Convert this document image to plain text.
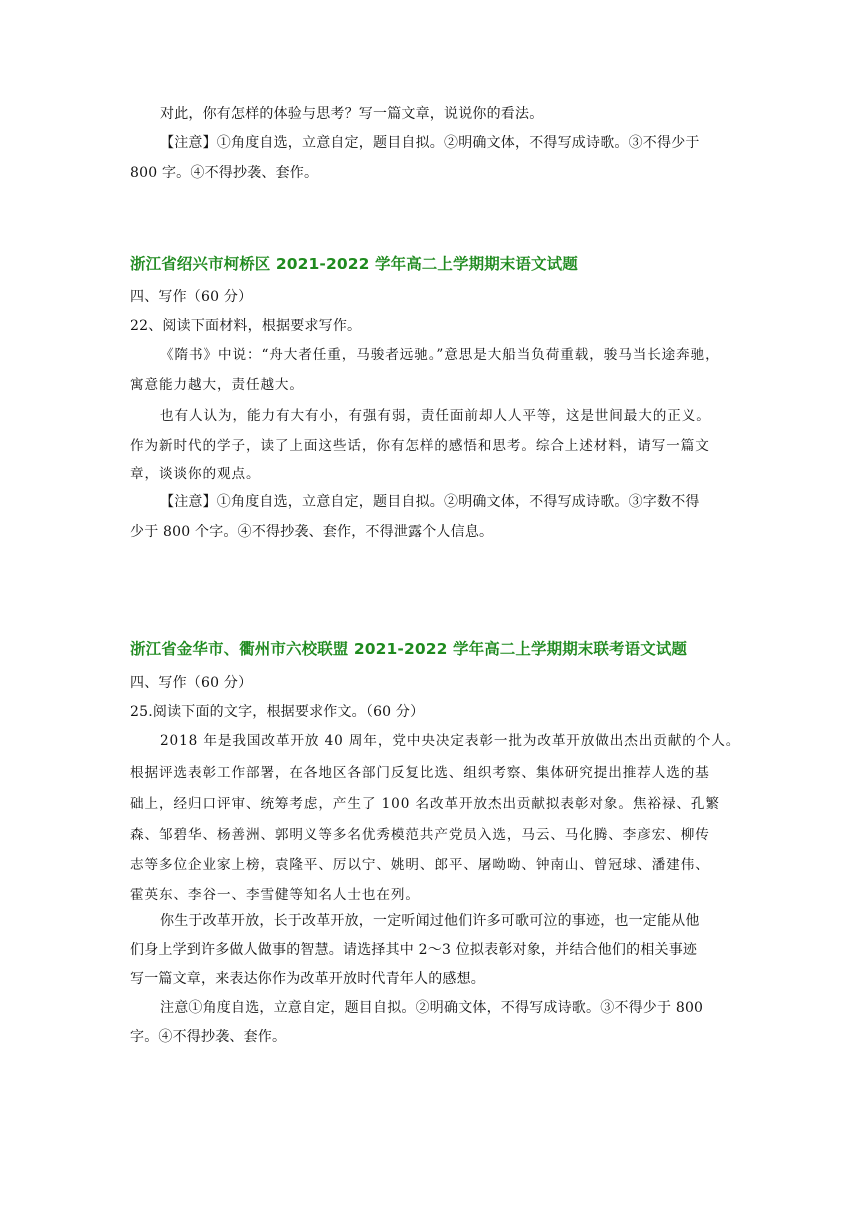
对此，你有怎样的体验与思考？写一篇文章，说说你的看法。
【注意】①角度自选，立意自定，题目自拟。②明确文体，不得写成诗歌。③不得少于
800 字。④不得抄袭、套作。
浙江省绍兴市柯桥区 2021-2022 学年高二上学期期末语文试题
四、写作（60 分）
22、阅读下面材料，根据要求写作。
《隋书》中说：“舟大者任重，马骏者远驰。”意思是大船当负荷重载，骏马当长途奔驰，
寓意能力越大，责任越大。
也有人认为，能力有大有小，有强有弱，责任面前却人人平等，这是世间最大的正义。
作为新时代的学子，读了上面这些话，你有怎样的感悟和思考。综合上述材料，请写一篇文
章，谈谈你的观点。
【注意】①角度自选，立意自定，题目自拟。②明确文体，不得写成诗歌。③字数不得
少于 800 个字。④不得抄袭、套作，不得泄露个人信息。
浙江省金华市、衢州市六校联盟 2021-2022 学年高二上学期期末联考语文试题
四、写作（60 分）
25.阅读下面的文字，根据要求作文。（60 分）
2018 年是我国改革开放 40 周年，党中央决定表彰一批为改革开放做出杰出贡献的个人。
根据评选表彰工作部署，在各地区各部门反复比选、组织考察、集体研究提出推荐人选的基
础上，经归口评审、统筹考虑，产生了 100 名改革开放杰出贡献拟表彰对象。焦裕禄、孔繁
森、邹碧华、杨善洲、郭明义等多名优秀模范共产党员入选，马云、马化腾、李彦宏、柳传
志等多位企业家上榜，袁隆平、厉以宁、姚明、郎平、屠呦呦、钟南山、曾冠球、潘建伟、
霍英东、李谷一、李雪健等知名人士也在列。
你生于改革开放，长于改革开放，一定听闻过他们许多可歌可泣的事迹，也一定能从他
们身上学到许多做人做事的智慧。请选择其中 2～3 位拟表彰对象，并结合他们的相关事迹
写一篇文章，来表达你作为改革开放时代青年人的感想。
注意①角度自选，立意自定，题目自拟。②明确文体，不得写成诗歌。③不得少于 800
字。④不得抄袭、套作。
